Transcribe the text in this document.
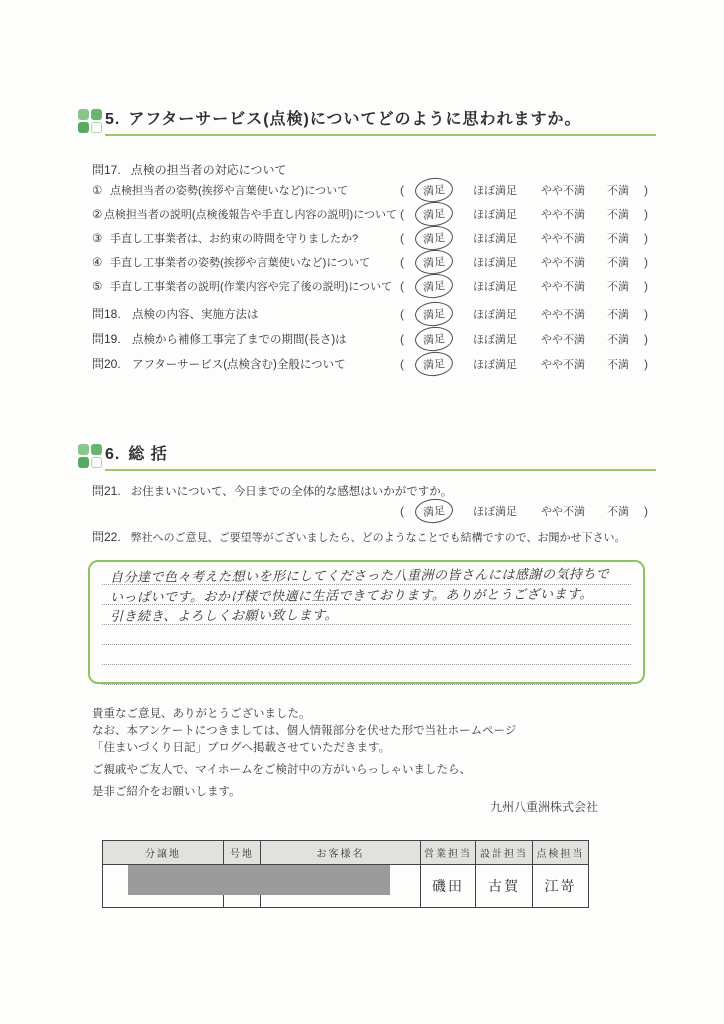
5. アフターサービス(点検)についてどのように思われますか。
問17. 点検の担当者の対応について
① 点検担当者の姿勢(挨拶や言葉使いなど)について	(	満足	ほぼ満足	やや不満	不満	)
② 点検担当者の説明(点検後報告や手直し内容の説明)について (	満足	ほぼ満足	やや不満	不満	)
③ 手直し工事業者は、お約束の時間を守りましたか?	(	満足	ほぼ満足	やや不満	不満	)
④ 手直し工事業者の姿勢(挨拶や言葉使いなど)について (	満足	ほぼ満足	やや不満	不満	)
⑤ 手直し工事業者の説明(作業内容や完了後の説明)について (	満足	ほぼ満足	やや不満	不満	)
問18. 点検の内容、実施方法は	(	満足	ほぼ満足	やや不満	不満	)
問19. 点検から補修工事完了までの期間(長さ)は	(	満足	ほぼ満足	やや不満	不満	)
問20. アフターサービス(点検含む)全般について	(	満足	ほぼ満足	やや不満	不満	)
6. 総 括
問21. お住まいについて、今日までの全体的な感想はいかがですか。
(	満足	ほぼ満足	やや不満	不満	)
問22. 弊社へのご意見、ご要望等がございましたら、どのようなことでも結構ですので、お聞かせ下さい。
自分達で色々考えた想いを形にしてくださった八重洲の皆さんには感謝の気持ちで
いっぱいです。おかげ様で快適に生活できております。ありがとうございます。
引き続き、よろしくお願い致します。
貴重なご意見、ありがとうございました。
なお、本アンケートにつきましては、個人情報部分を伏せた形で当社ホームページ
「住まいづくり日記」ブログへ掲載させていただきます。
ご親戚やご友人で、マイホームをご検討中の方がいらっしゃいましたら、
是非ご紹介をお願いします。
九州八重洲株式会社
分譲地	号地	お客様名	営業担当	設計担当	点検担当
			磯田	古賀	江嵜
